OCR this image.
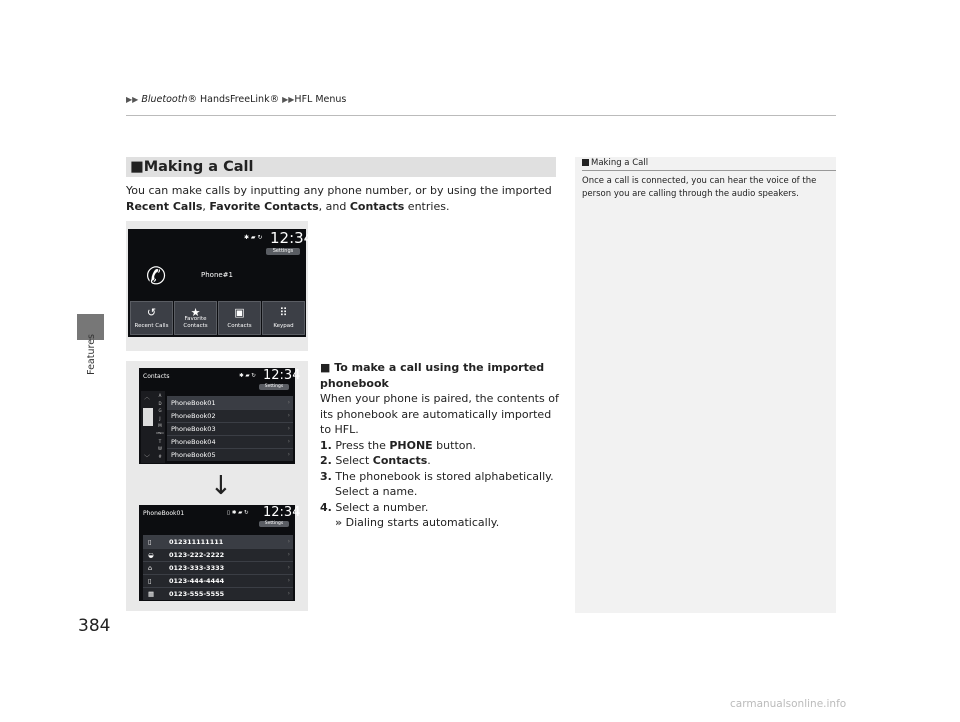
▶▶ Bluetooth® HandsFreeLink® ▶▶HFL Menus
Features
384
■Making a Call
You can make calls by inputting any phone number, or by using the imported
Recent Calls, Favorite Contacts, and Contacts entries.
✱ ▰ ↻ 12:34
Settings
✆	Phone#1
↺
Recent Calls
★
Favorite Contacts
▣
Contacts
⠿
Keypad
Contacts	✱ ▰ ↻ 12:34
Settings
︿
﹀
A
D
G
J
M
MNO
T
W
#
PhoneBook01	›
PhoneBook02	›
PhoneBook03	›
PhoneBook04	›
PhoneBook05	›
↓
PhoneBook01	▯ ✱ ▰ ↻ 12:34
Settings
▯	012311111111	›
◒ 0123-222-2222	›
⌂	0123-333-3333	›
▯	0123-444-4444	›
▦ 0123-555-5555	›
■ To make a call using the imported phonebook
When your phone is paired, the contents of its phonebook are automatically imported to HFL.
1. Press the PHONE button.
2. Select Contacts.
3. The phonebook is stored alphabetically.
Select a name.
4. Select a number.
» Dialing starts automatically.
Making a Call
Once a call is connected, you can hear the voice of the person you are calling through the audio speakers.
carmanualsonline.info
